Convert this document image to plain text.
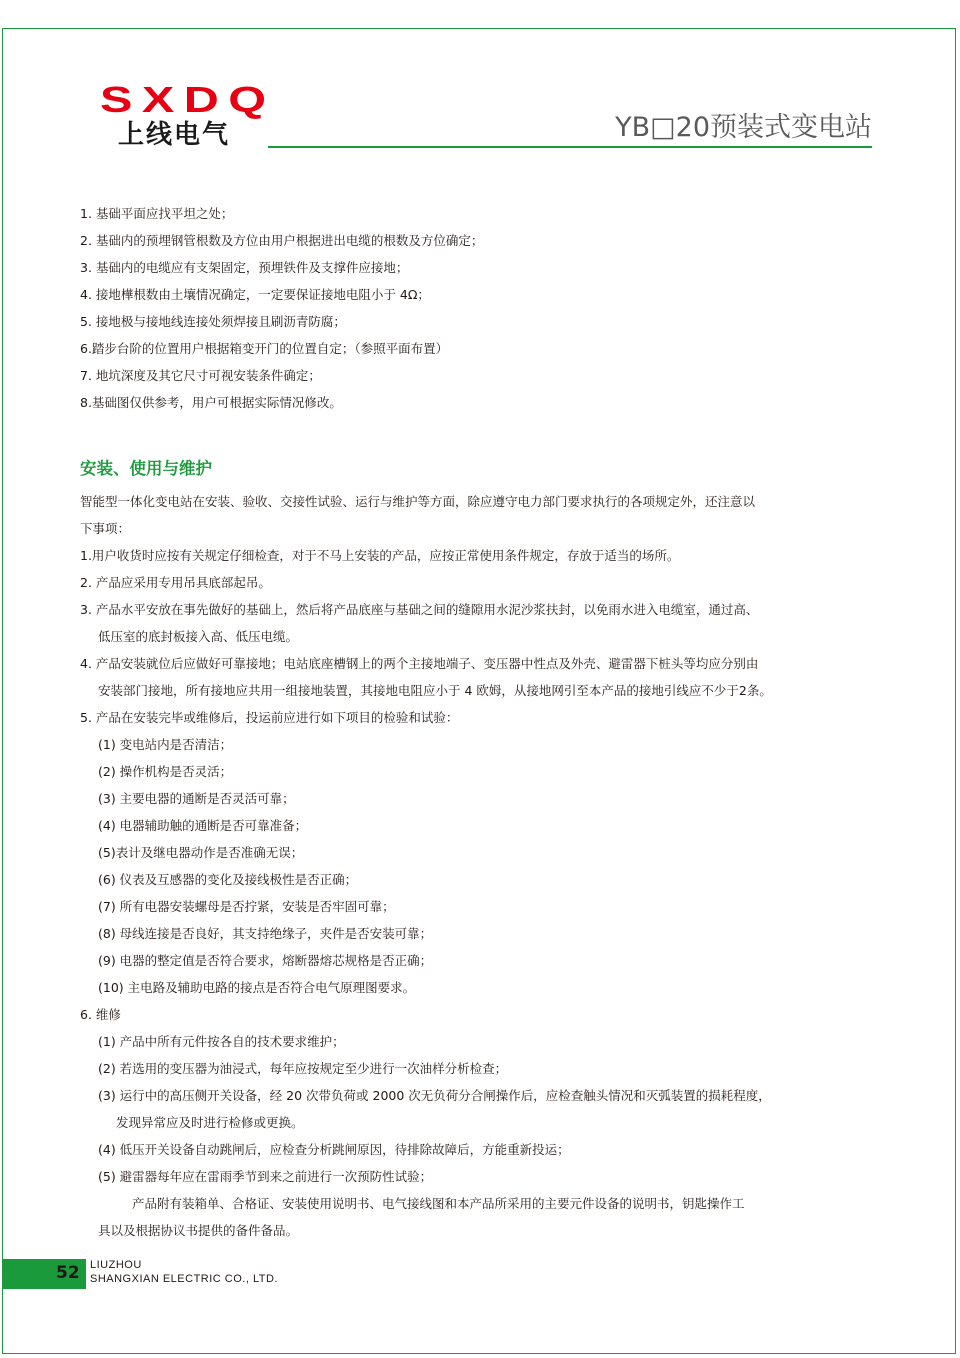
SXDQ
上线电气	YB□20预装式变电站

1. 基础平面应找平坦之处；

2. 基础内的预埋钢管根数及方位由用户根据进出电缆的根数及方位确定；

3. 基础内的电缆应有支架固定，预埋铁件及支撑件应接地；

4. 接地樺根数由土壤情况确定，一定要保证接地电阻小于 4Ω；

5. 接地极与接地线连接处须焊接且刷沥青防腐；

6.踏步台阶的位置用户根据箱变开门的位置自定；（参照平面布置）

7. 地坑深度及其它尺寸可视安装条件确定；

8.基础图仅供参考，用户可根据实际情况修改。

安装、使用与维护

智能型一体化变电站在安装、验收、交接性试验、运行与维护等方面，除应遵守电力部门要求执行的各项规定外，还注意以

下事项：

1.用户收货时应按有关规定仔细检查，对于不马上安装的产品，应按正常使用条件规定，存放于适当的场所。

2. 产品应采用专用吊具底部起吊。

3. 产品水平安放在事先做好的基础上，然后将产品底座与基础之间的缝隙用水泥沙浆扶封，以免雨水进入电缆室，通过高、

低压室的底封板接入高、低压电缆。

4. 产品安装就位后应做好可靠接地；电站底座槽钢上的两个主接地端子、变压器中性点及外壳、避雷器下桩头等均应分别由

安装部门接地，所有接地应共用一组接地装置，其接地电阻应小于 4 欧姆，从接地网引至本产品的接地引线应不少于2条。

5. 产品在安装完毕或维修后，投运前应进行如下项目的检验和试验：

(1) 变电站内是否清洁；

(2) 操作机构是否灵活；

(3) 主要电器的通断是否灵活可靠；

(4) 电器辅助触的通断是否可靠准备；

(5)表计及继电器动作是否准确无误；

(6) 仪表及互感器的变化及接线极性是否正确；

(7) 所有电器安装螺母是否拧紧，安装是否牢固可靠；

(8) 母线连接是否良好，其支持绝缘子，夹件是否安装可靠；

(9) 电器的整定值是否符合要求，熔断器熔芯规格是否正确；

(10) 主电路及辅助电路的接点是否符合电气原理图要求。

6. 维修

(1) 产品中所有元件按各自的技术要求维护；

(2) 若选用的变压器为油浸式，每年应按规定至少进行一次油样分析检查；

(3) 运行中的高压侧开关设备，经 20 次带负荷或 2000 次无负荷分合闸操作后，应检查触头情况和灭弧装置的损耗程度，

发现异常应及时进行检修或更换。

(4) 低压开关设备自动跳闸后，应检查分析跳闸原因，待排除故障后，方能重新投运；

(5) 避雷器每年应在雷雨季节到来之前进行一次预防性试验；

产品附有装箱单、合格证、安装使用说明书、电气接线图和本产品所采用的主要元件设备的说明书，钥匙操作工

具以及根据协议书提供的备件备品。

52 LIUZHOU
SHANGXIAN ELECTRIC CO., LTD.
